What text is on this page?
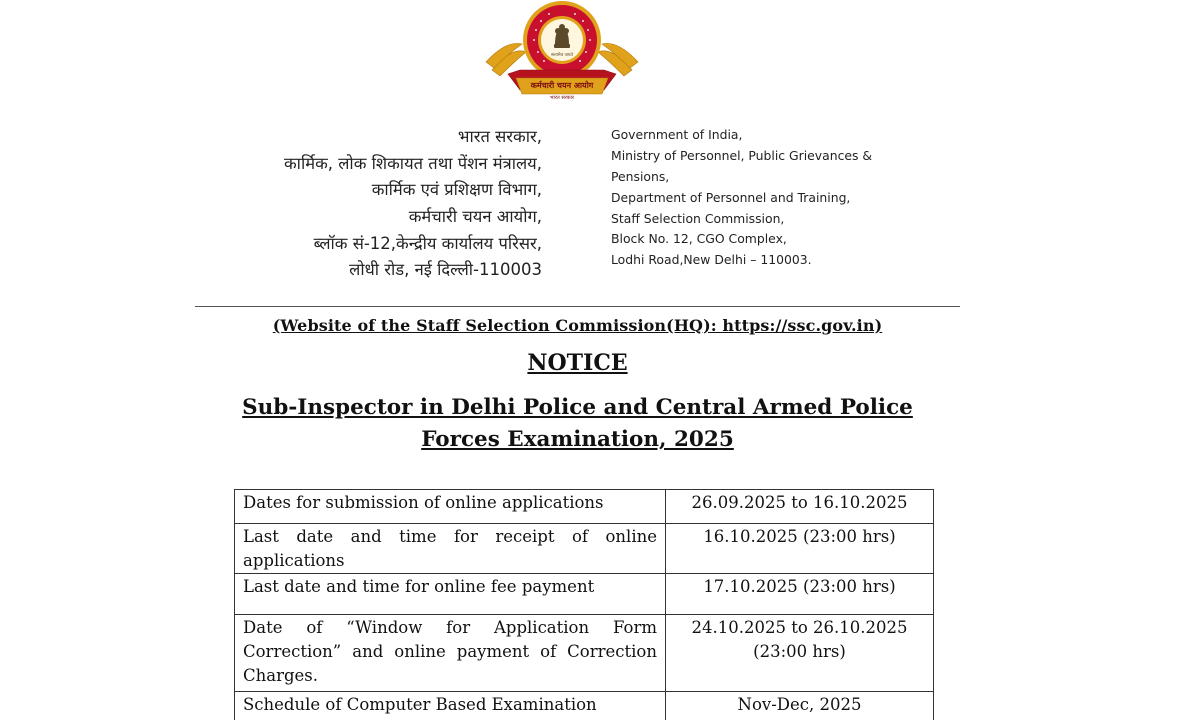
सत्यमेव जयते
कर्मचारी चयन आयोग
भारत सरकार
भारत सरकार,
कार्मिक, लोक शिकायत तथा पेंशन मंत्रालय,
कार्मिक एवं प्रशिक्षण विभाग,
कर्मचारी चयन आयोग,
ब्लॉक सं-12,केन्द्रीय कार्यालय परिसर,
लोधी रोड, नई दिल्ली-110003
Government of India,
Ministry of Personnel, Public Grievances &
Pensions,
Department of Personnel and Training,
Staff Selection Commission,
Block No. 12, CGO Complex,
Lodhi Road,New Delhi – 110003.
(Website of the Staff Selection Commission(HQ): https://ssc.gov.in)
NOTICE
Sub-Inspector in Delhi Police and Central Armed Police
Forces Examination, 2025
Dates for submission of online applications	26.09.2025 to 16.10.2025
Last date and time for receipt of online applications	16.10.2025 (23:00 hrs)
Last date and time for online fee payment	17.10.2025 (23:00 hrs)
Date of “Window for Application Form Correction” and online payment of Correction Charges.	24.10.2025 to 26.10.2025 (23:00 hrs)
Schedule of Computer Based Examination	Nov-Dec, 2025
